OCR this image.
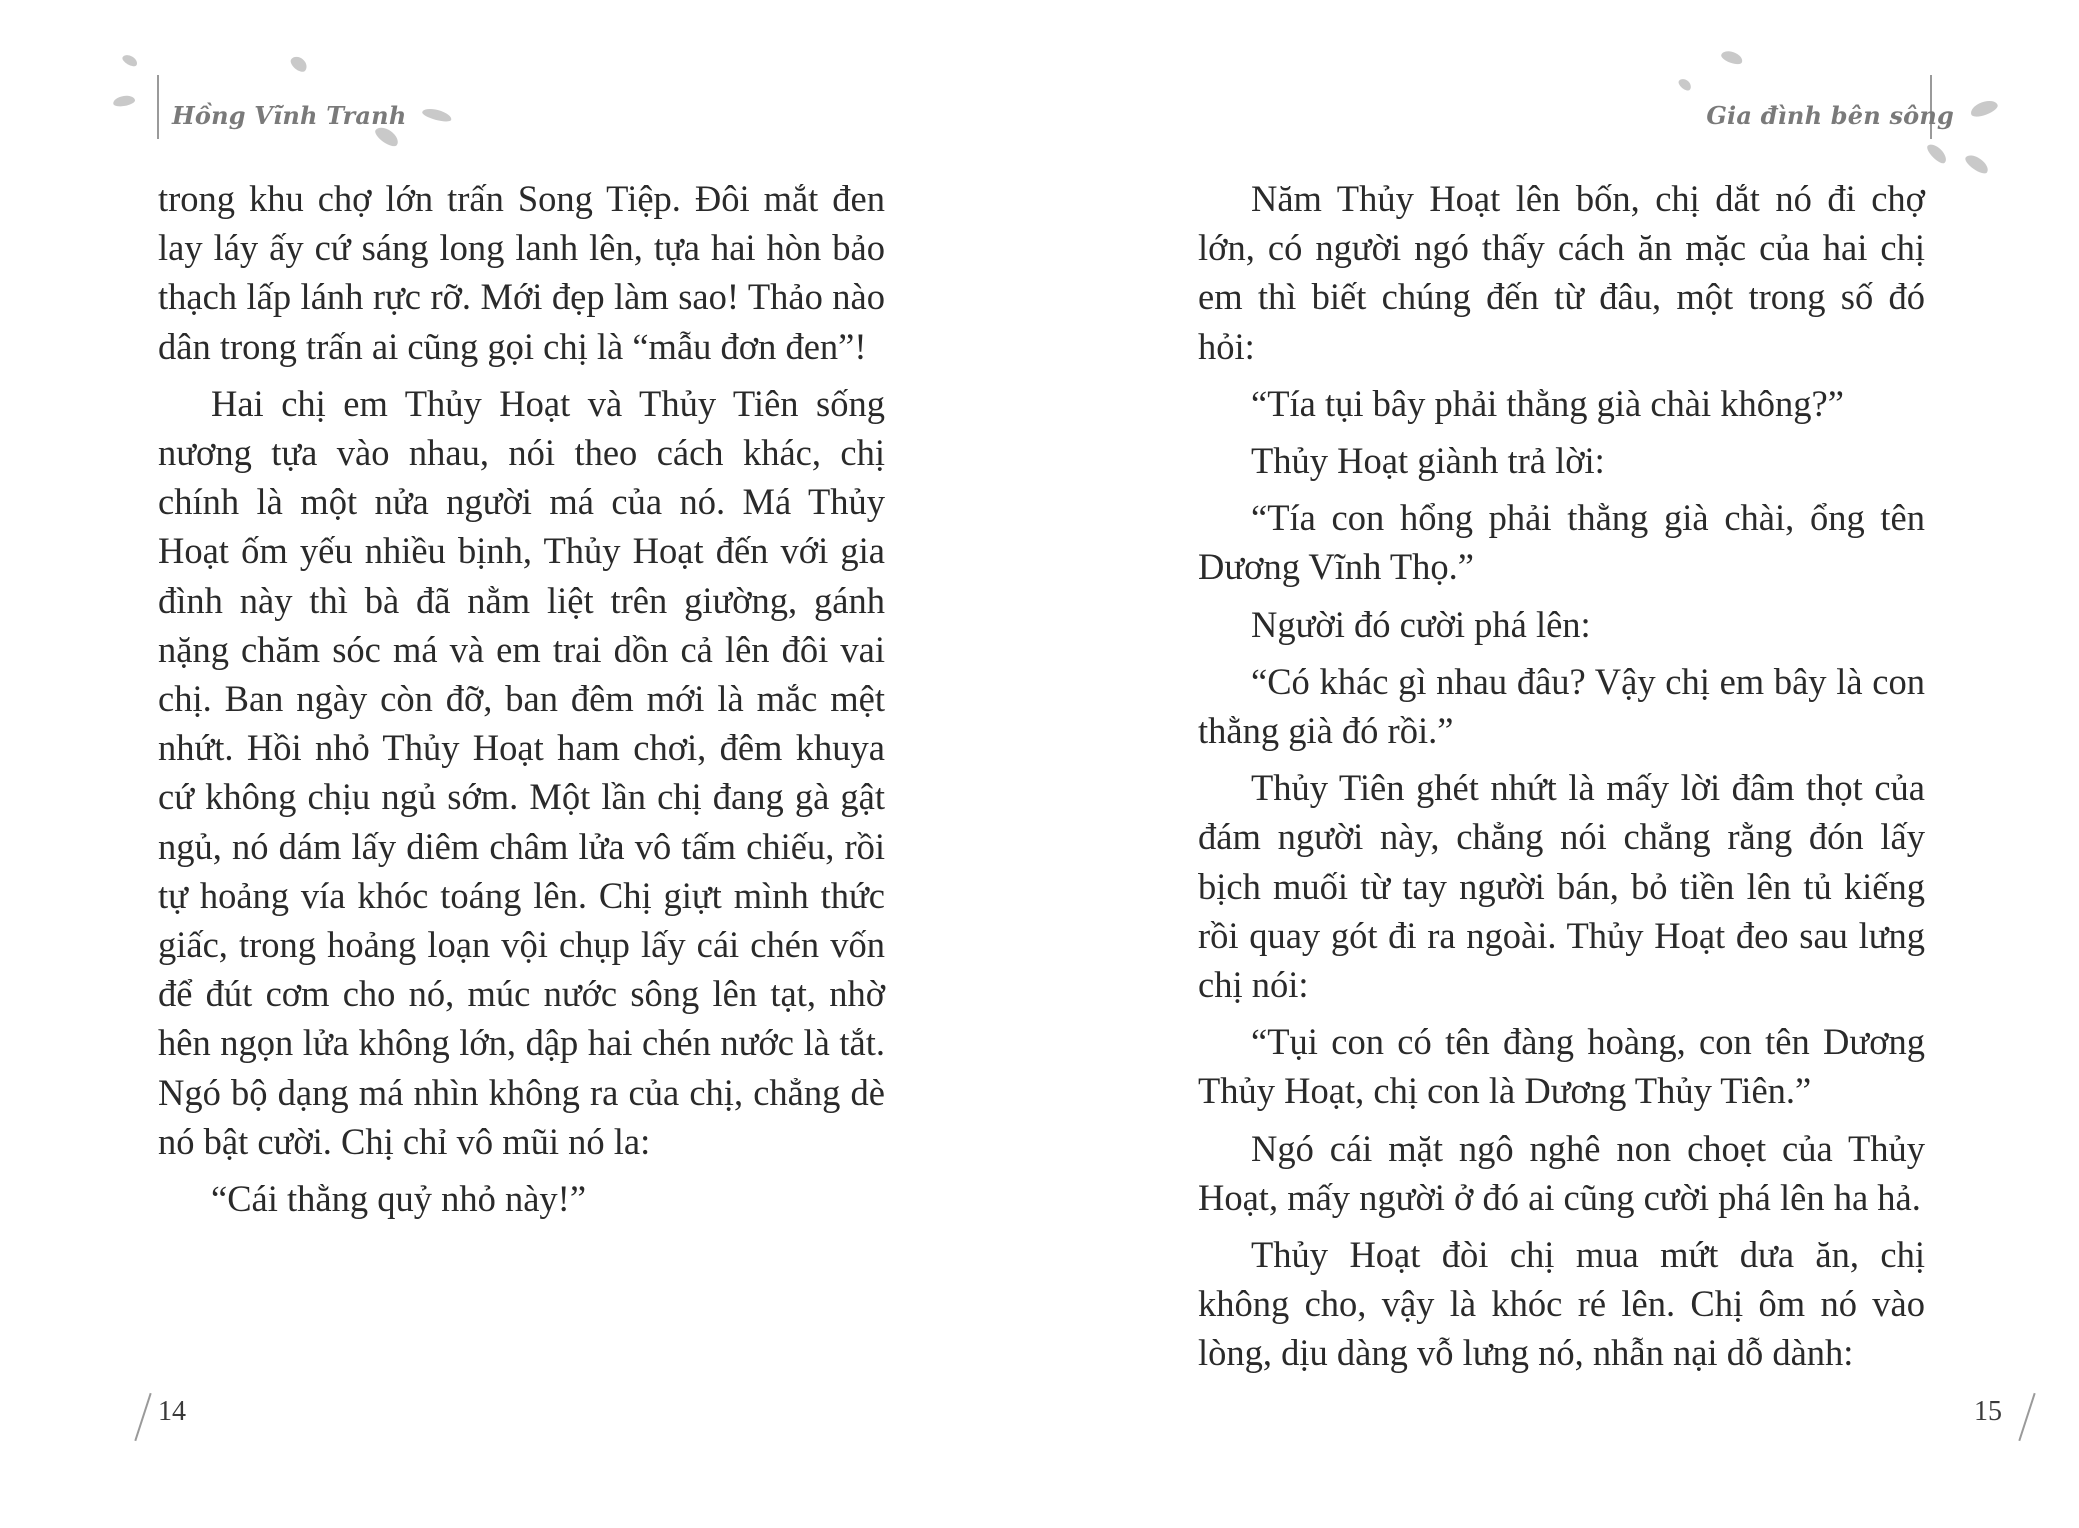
Hồng Vĩnh Tranh

trong khu chợ lớn trấn Song Tiệp. Đôi mắt đen lay láy ấy cứ sáng long lanh lên, tựa hai hòn bảo thạch lấp lánh rực rỡ. Mới đẹp làm sao! Thảo nào dân trong trấn ai cũng gọi chị là “mẫu đơn đen”!

Hai chị em Thủy Hoạt và Thủy Tiên sống nương tựa vào nhau, nói theo cách khác, chị chính là một nửa người má của nó. Má Thủy Hoạt ốm yếu nhiều bịnh, Thủy Hoạt đến với gia đình này thì bà đã nằm liệt trên giường, gánh nặng chăm sóc má và em trai dồn cả lên đôi vai chị. Ban ngày còn đỡ, ban đêm mới là mắc mệt nhứt. Hồi nhỏ Thủy Hoạt ham chơi, đêm khuya cứ không chịu ngủ sớm. Một lần chị đang gà gật ngủ, nó dám lấy diêm châm lửa vô tấm chiếu, rồi tự hoảng vía khóc toáng lên. Chị giựt mình thức giấc, trong hoảng loạn vội chụp lấy cái chén vốn để đút cơm cho nó, múc nước sông lên tạt, nhờ hên ngọn lửa không lớn, dập hai chén nước là tắt. Ngó bộ dạng má nhìn không ra của chị, chẳng dè nó bật cười. Chị chỉ vô mũi nó la:

“Cái thằng quỷ nhỏ này!”

14
Gia đình bên sông

Năm Thủy Hoạt lên bốn, chị dắt nó đi chợ lớn, có người ngó thấy cách ăn mặc của hai chị em thì biết chúng đến từ đâu, một trong số đó hỏi:

“Tía tụi bây phải thằng già chài không?”

Thủy Hoạt giành trả lời:

“Tía con hổng phải thằng già chài, ổng tên Dương Vĩnh Thọ.”

Người đó cười phá lên:

“Có khác gì nhau đâu? Vậy chị em bây là con thằng già đó rồi.”

Thủy Tiên ghét nhứt là mấy lời đâm thọt của đám người này, chẳng nói chẳng rằng đón lấy bịch muối từ tay người bán, bỏ tiền lên tủ kiếng rồi quay gót đi ra ngoài. Thủy Hoạt đeo sau lưng chị nói:

“Tụi con có tên đàng hoàng, con tên Dương Thủy Hoạt, chị con là Dương Thủy Tiên.”

Ngó cái mặt ngô nghê non choẹt của Thủy Hoạt, mấy người ở đó ai cũng cười phá lên ha hả.

Thủy Hoạt đòi chị mua mứt dưa ăn, chị không cho, vậy là khóc ré lên. Chị ôm nó vào lòng, dịu dàng vỗ lưng nó, nhẫn nại dỗ dành:

15
